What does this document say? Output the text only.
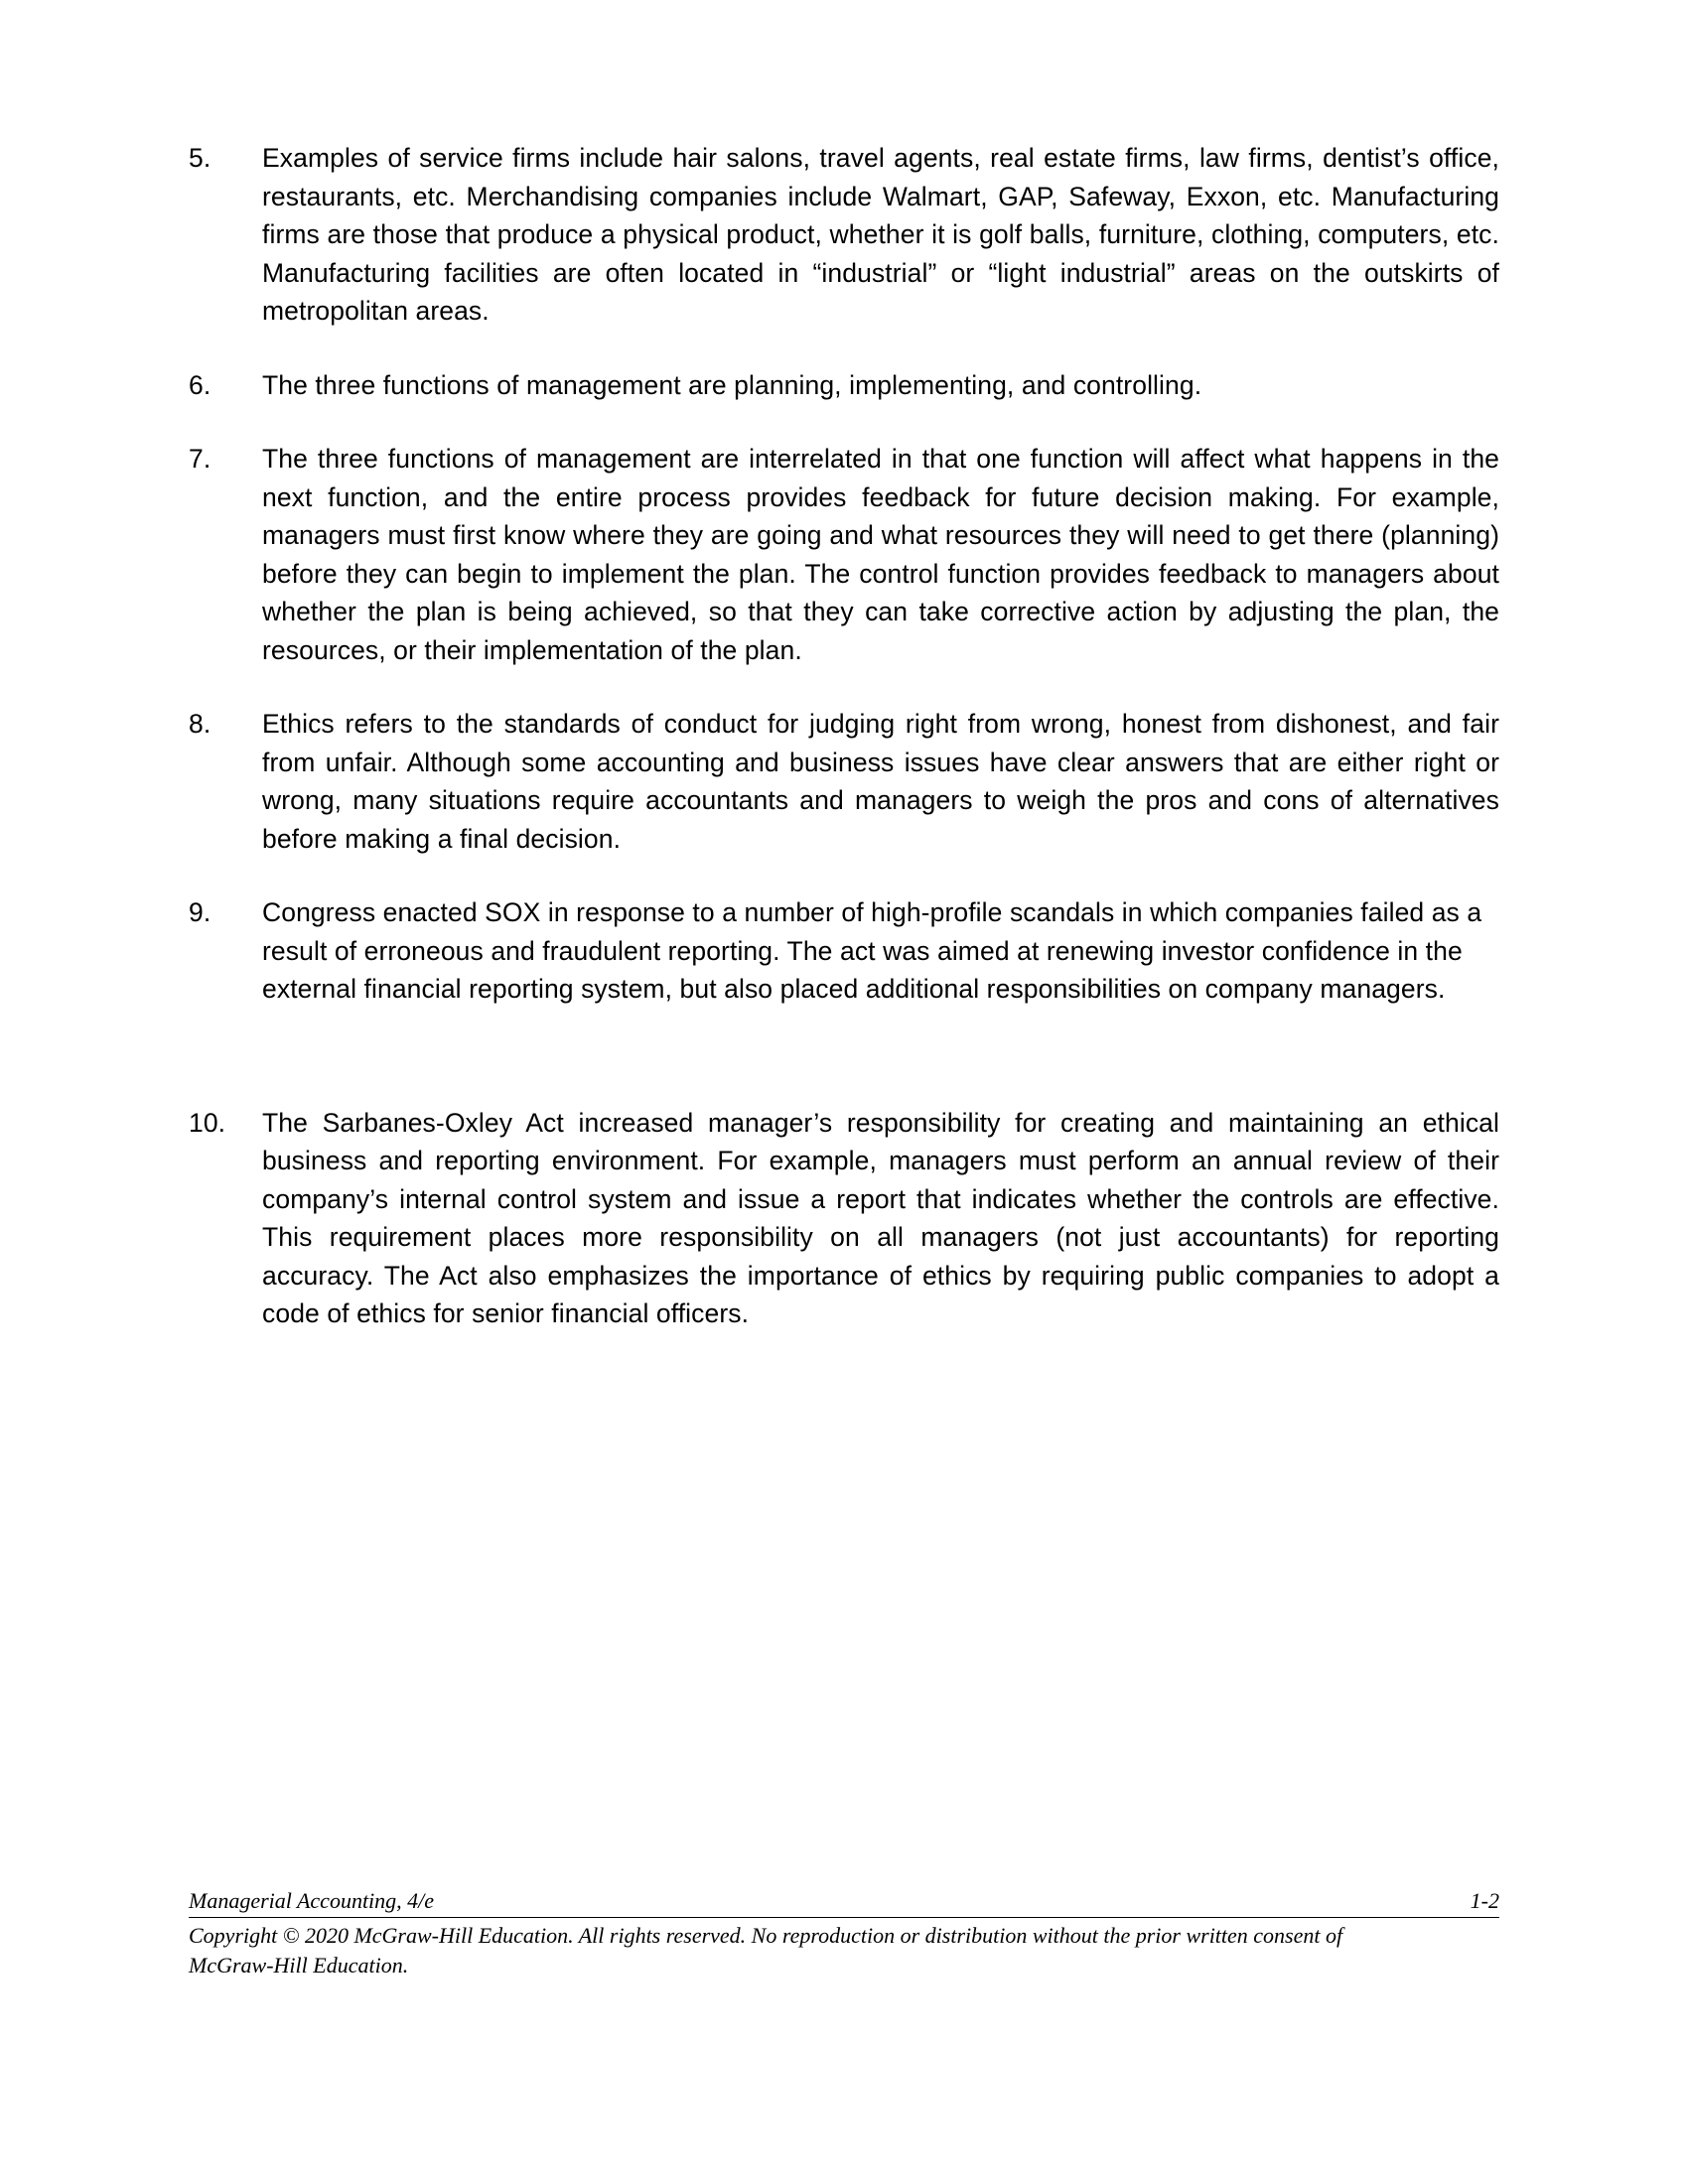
5.	Examples of service firms include hair salons, travel agents, real estate firms, law firms, dentist’s office, restaurants, etc. Merchandising companies include Walmart, GAP, Safeway, Exxon, etc. Manufacturing firms are those that produce a physical product, whether it is golf balls, furniture, clothing, computers, etc. Manufacturing facilities are often located in “industrial” or “light industrial” areas on the outskirts of metropolitan areas.
6.	The three functions of management are planning, implementing, and controlling.
7.	The three functions of management are interrelated in that one function will affect what happens in the next function, and the entire process provides feedback for future decision making. For example, managers must first know where they are going and what resources they will need to get there (planning) before they can begin to implement the plan. The control function provides feedback to managers about whether the plan is being achieved, so that they can take corrective action by adjusting the plan, the resources, or their implementation of the plan.
8.	Ethics refers to the standards of conduct for judging right from wrong, honest from dishonest, and fair from unfair. Although some accounting and business issues have clear answers that are either right or wrong, many situations require accountants and managers to weigh the pros and cons of alternatives before making a final decision.
9.	Congress enacted SOX in response to a number of high-profile scandals in which companies failed as a result of erroneous and fraudulent reporting. The act was aimed at renewing investor confidence in the external financial reporting system, but also placed additional responsibilities on company managers.
10.	The Sarbanes-Oxley Act increased manager’s responsibility for creating and maintaining an ethical business and reporting environment. For example, managers must perform an annual review of their company’s internal control system and issue a report that indicates whether the controls are effective. This requirement places more responsibility on all managers (not just accountants) for reporting accuracy. The Act also emphasizes the importance of ethics by requiring public companies to adopt a code of ethics for senior financial officers.
Managerial Accounting, 4/e	1-2
Copyright © 2020 McGraw-Hill Education. All rights reserved. No reproduction or distribution without the prior written consent of McGraw-Hill Education.
